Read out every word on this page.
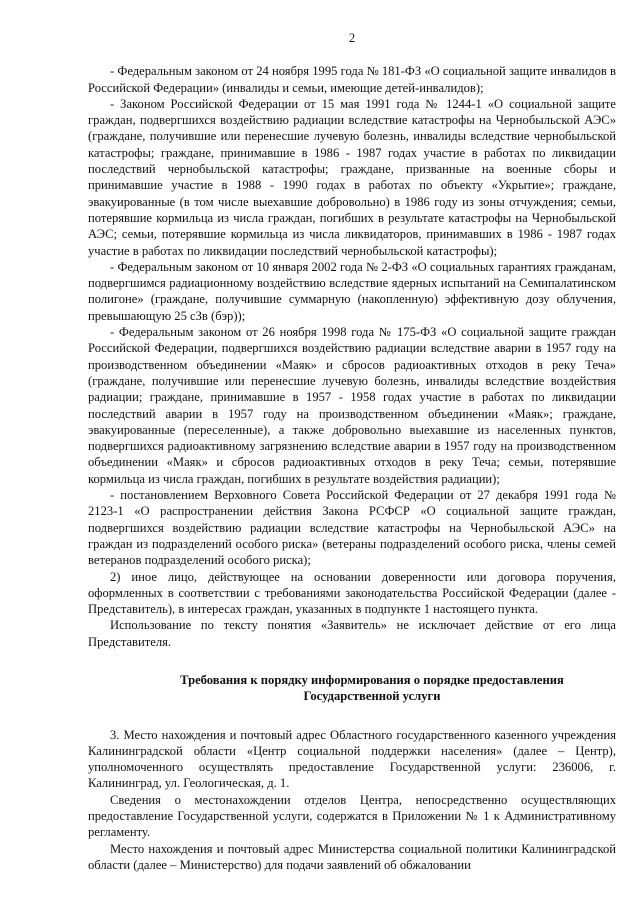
2

- Федеральным законом от 24 ноября 1995 года № 181-ФЗ «О социальной защите инвалидов в Российской Федерации» (инвалиды и семьи, имеющие детей-инвалидов);

- Законом Российской Федерации от 15 мая 1991 года № 1244-1 «О социальной защите граждан, подвергшихся воздействию радиации вследствие катастрофы на Чернобыльской АЭС» (граждане, получившие или перенесшие лучевую болезнь, инвалиды вследствие чернобыльской катастрофы; граждане, принимавшие в 1986 - 1987 годах участие в работах по ликвидации последствий чернобыльской катастрофы; граждане, призванные на военные сборы и принимавшие участие в 1988 - 1990 годах в работах по объекту «Укрытие»; граждане, эвакуированные (в том числе выехавшие добровольно) в 1986 году из зоны отчуждения; семьи, потерявшие кормильца из числа граждан, погибших в результате катастрофы на Чернобыльской АЭС; семьи, потерявшие кормильца из числа ликвидаторов, принимавших в 1986 - 1987 годах участие в работах по ликвидации последствий чернобыльской катастрофы);

- Федеральным законом от 10 января 2002 года № 2-ФЗ «О социальных гарантиях гражданам, подвергшимся радиационному воздействию вследствие ядерных испытаний на Семипалатинском полигоне» (граждане, получившие суммарную (накопленную) эффективную дозу облучения, превышающую 25 сЗв (бэр));

- Федеральным законом от 26 ноября 1998 года № 175-ФЗ «О социальной защите граждан Российской Федерации, подвергшихся воздействию радиации вследствие аварии в 1957 году на производственном объединении «Маяк» и сбросов радиоактивных отходов в реку Теча» (граждане, получившие или перенесшие лучевую болезнь, инвалиды вследствие воздействия радиации; граждане, принимавшие в 1957 - 1958 годах участие в работах по ликвидации последствий аварии в 1957 году на производственном объединении «Маяк»; граждане, эвакуированные (переселенные), а также добровольно выехавшие из населенных пунктов, подвергшихся радиоактивному загрязнению вследствие аварии в 1957 году на производственном объединении «Маяк» и сбросов радиоактивных отходов в реку Теча; семьи, потерявшие кормильца из числа граждан, погибших в результате воздействия радиации);

- постановлением Верховного Совета Российской Федерации от 27 декабря 1991 года № 2123-1 «О распространении действия Закона РСФСР «О социальной защите граждан, подвергшихся воздействию радиации вследствие катастрофы на Чернобыльской АЭС» на граждан из подразделений особого риска» (ветераны подразделений особого риска, члены семей ветеранов подразделений особого риска);

2) иное лицо, действующее на основании доверенности или договора поручения, оформленных в соответствии с требованиями законодательства Российской Федерации (далее - Представитель), в интересах граждан, указанных в подпункте 1 настоящего пункта.

Использование по тексту понятия «Заявитель» не исключает действие от его лица Представителя.

Требования к порядку информирования о порядке предоставления
Государственной услуги

3. Место нахождения и почтовый адрес Областного государственного казенного учреждения Калининградской области «Центр социальной поддержки населения» (далее – Центр), уполномоченного осуществлять предоставление Государственной услуги: 236006, г. Калининград, ул. Геологическая, д. 1.

Сведения о местонахождении отделов Центра, непосредственно осуществляющих предоставление Государственной услуги, содержатся в Приложении № 1 к Административному регламенту.

Место нахождения и почтовый адрес Министерства социальной политики Калининградской области (далее – Министерство) для подачи заявлений об обжаловании
